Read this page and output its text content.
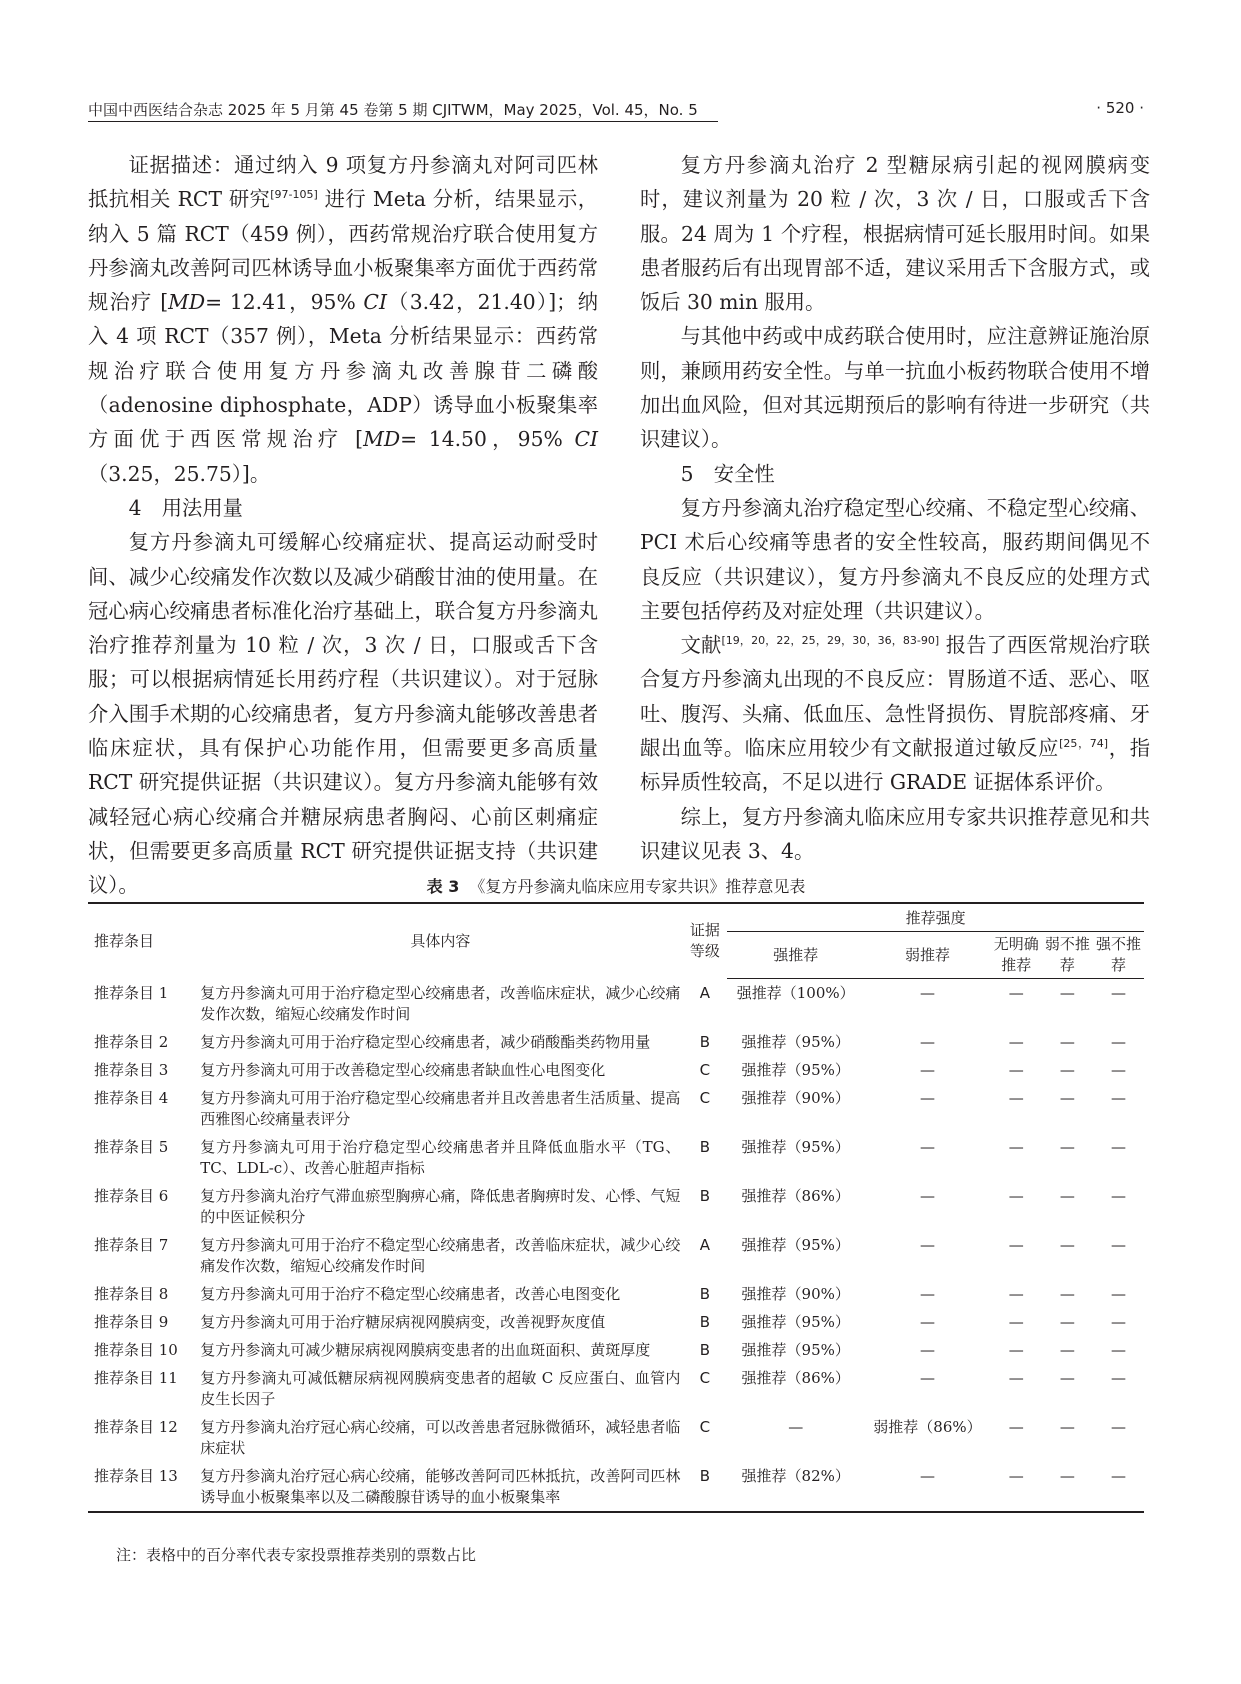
中国中西医结合杂志 2025 年 5 月第 45 卷第 5 期 CJITWM，May 2025，Vol. 45，No. 5	· 520 ·

证据描述：通过纳入 9 项复方丹参滴丸对阿司匹林抵抗相关 RCT 研究[97-105] 进行 Meta 分析，结果显示，纳入 5 篇 RCT（459 例），西药常规治疗联合使用复方丹参滴丸改善阿司匹林诱导血小板聚集率方面优于西药常规治疗 [MD= 12.41，95% CI（3.42，21.40）]；纳入 4 项 RCT（357 例），Meta 分析结果显示：西药常规治疗联合使用复方丹参滴丸改善腺苷二磷酸（adenosine diphosphate，ADP）诱导血小板聚集率方面优于西医常规治疗 [MD= 14.50，95% CI（3.25，25.75）]。

4　用法用量

复方丹参滴丸可缓解心绞痛症状、提高运动耐受时间、减少心绞痛发作次数以及减少硝酸甘油的使用量。在冠心病心绞痛患者标准化治疗基础上，联合复方丹参滴丸治疗推荐剂量为 10 粒 / 次，3 次 / 日，口服或舌下含服；可以根据病情延长用药疗程（共识建议）。对于冠脉介入围手术期的心绞痛患者，复方丹参滴丸能够改善患者临床症状，具有保护心功能作用，但需要更多高质量 RCT 研究提供证据（共识建议）。复方丹参滴丸能够有效减轻冠心病心绞痛合并糖尿病患者胸闷、心前区刺痛症状，但需要更多高质量 RCT 研究提供证据支持（共识建议）。

复方丹参滴丸治疗 2 型糖尿病引起的视网膜病变时，建议剂量为 20 粒 / 次，3 次 / 日，口服或舌下含服。24 周为 1 个疗程，根据病情可延长服用时间。如果患者服药后有出现胃部不适，建议采用舌下含服方式，或饭后 30 min 服用。

与其他中药或中成药联合使用时，应注意辨证施治原则，兼顾用药安全性。与单一抗血小板药物联合使用不增加出血风险，但对其远期预后的影响有待进一步研究（共识建议）。

5　安全性

复方丹参滴丸治疗稳定型心绞痛、不稳定型心绞痛、PCI 术后心绞痛等患者的安全性较高，服药期间偶见不良反应（共识建议），复方丹参滴丸不良反应的处理方式主要包括停药及对症处理（共识建议）。

文献[19，20，22，25，29，30，36，83-90] 报告了西医常规治疗联合复方丹参滴丸出现的不良反应：胃肠道不适、恶心、呕吐、腹泻、头痛、低血压、急性肾损伤、胃脘部疼痛、牙龈出血等。临床应用较少有文献报道过敏反应[25，74]，指标异质性较高，不足以进行 GRADE 证据体系评价。

综上，复方丹参滴丸临床应用专家共识推荐意见和共识建议见表 3、4。

表 3 《复方丹参滴丸临床应用专家共识》推荐意见表
推荐条目	具体内容	证据等级	推荐强度				
			强推荐	弱推荐	无明确推荐	弱不推荐	强不推荐
推荐条目 1	复方丹参滴丸可用于治疗稳定型心绞痛患者，改善临床症状，减少心绞痛发作次数，缩短心绞痛发作时间	A	强推荐（100%）	—	—	—	—
推荐条目 2	复方丹参滴丸可用于治疗稳定型心绞痛患者，减少硝酸酯类药物用量	B	强推荐（95%）	—	—	—	—
推荐条目 3	复方丹参滴丸可用于改善稳定型心绞痛患者缺血性心电图变化	C	强推荐（95%）	—	—	—	—
推荐条目 4	复方丹参滴丸可用于治疗稳定型心绞痛患者并且改善患者生活质量、提高西雅图心绞痛量表评分	C	强推荐（90%）	—	—	—	—
推荐条目 5	复方丹参滴丸可用于治疗稳定型心绞痛患者并且降低血脂水平（TG、TC、LDL-c）、改善心脏超声指标	B	强推荐（95%）	—	—	—	—
推荐条目 6	复方丹参滴丸治疗气滞血瘀型胸痹心痛，降低患者胸痹时发、心悸、气短的中医证候积分	B	强推荐（86%）	—	—	—	—
推荐条目 7	复方丹参滴丸可用于治疗不稳定型心绞痛患者，改善临床症状，减少心绞痛发作次数，缩短心绞痛发作时间	A	强推荐（95%）	—	—	—	—
推荐条目 8	复方丹参滴丸可用于治疗不稳定型心绞痛患者，改善心电图变化	B	强推荐（90%）	—	—	—	—
推荐条目 9	复方丹参滴丸可用于治疗糖尿病视网膜病变，改善视野灰度值	B	强推荐（95%）	—	—	—	—
推荐条目 10	复方丹参滴丸可减少糖尿病视网膜病变患者的出血斑面积、黄斑厚度	B	强推荐（95%）	—	—	—	—
推荐条目 11	复方丹参滴丸可减低糖尿病视网膜病变患者的超敏 C 反应蛋白、血管内皮生长因子	C	强推荐（86%）	—	—	—	—
推荐条目 12	复方丹参滴丸治疗冠心病心绞痛，可以改善患者冠脉微循环，减轻患者临床症状	C	—	弱推荐（86%）	—	—	—
推荐条目 13	复方丹参滴丸治疗冠心病心绞痛，能够改善阿司匹林抵抗，改善阿司匹林诱导血小板聚集率以及二磷酸腺苷诱导的血小板聚集率	B	强推荐（82%）	—	—	—	—
注：表格中的百分率代表专家投票推荐类别的票数占比
